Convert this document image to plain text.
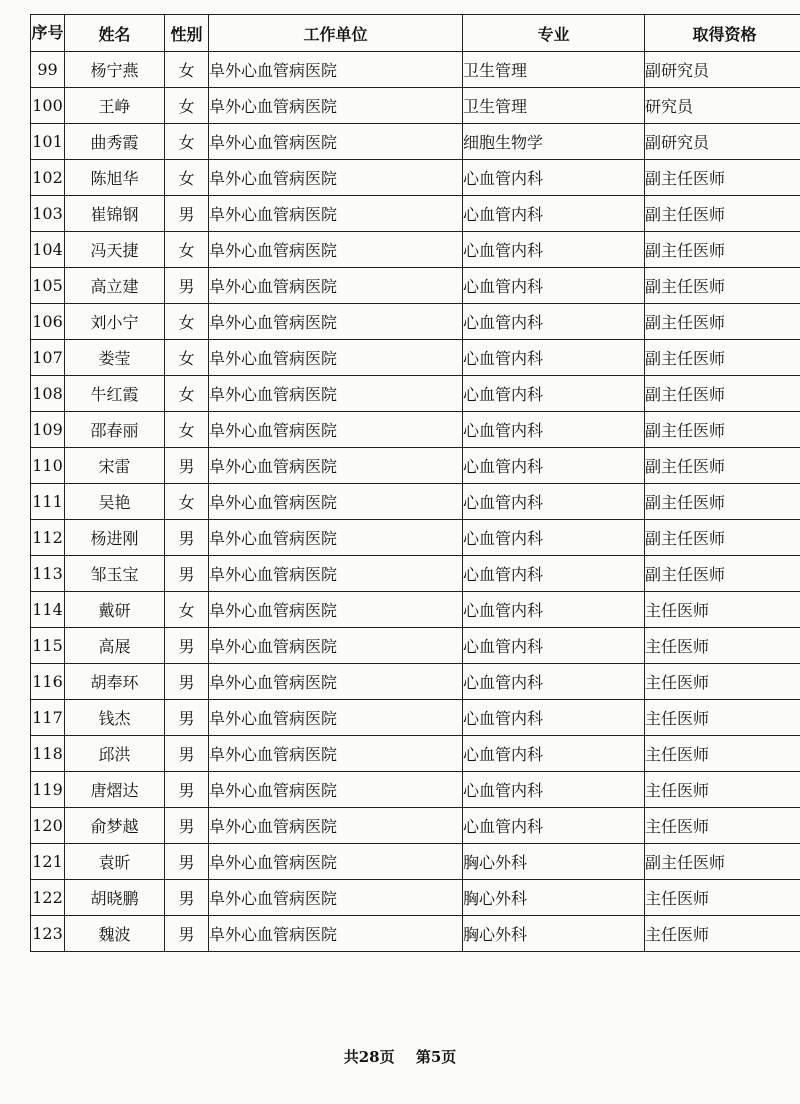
序号	姓名	性别	工作单位	专业	取得资格
99	杨宁燕	女	阜外心血管病医院	卫生管理	副研究员
100	王峥	女	阜外心血管病医院	卫生管理	研究员
101	曲秀霞	女	阜外心血管病医院	细胞生物学	副研究员
102	陈旭华	女	阜外心血管病医院	心血管内科	副主任医师
103	崔锦钢	男	阜外心血管病医院	心血管内科	副主任医师
104	冯天捷	女	阜外心血管病医院	心血管内科	副主任医师
105	高立建	男	阜外心血管病医院	心血管内科	副主任医师
106	刘小宁	女	阜外心血管病医院	心血管内科	副主任医师
107	娄莹	女	阜外心血管病医院	心血管内科	副主任医师
108	牛红霞	女	阜外心血管病医院	心血管内科	副主任医师
109	邵春丽	女	阜外心血管病医院	心血管内科	副主任医师
110	宋雷	男	阜外心血管病医院	心血管内科	副主任医师
111	吴艳	女	阜外心血管病医院	心血管内科	副主任医师
112	杨进刚	男	阜外心血管病医院	心血管内科	副主任医师
113	邹玉宝	男	阜外心血管病医院	心血管内科	副主任医师
114	戴研	女	阜外心血管病医院	心血管内科	主任医师
115	高展	男	阜外心血管病医院	心血管内科	主任医师
116	胡奉环	男	阜外心血管病医院	心血管内科	主任医师
117	钱杰	男	阜外心血管病医院	心血管内科	主任医师
118	邱洪	男	阜外心血管病医院	心血管内科	主任医师
119	唐熠达	男	阜外心血管病医院	心血管内科	主任医师
120	俞梦越	男	阜外心血管病医院	心血管内科	主任医师
121	袁昕	男	阜外心血管病医院	胸心外科	副主任医师
122	胡晓鹏	男	阜外心血管病医院	胸心外科	主任医师
123	魏波	男	阜外心血管病医院	胸心外科	主任医师
共28页 第5页
